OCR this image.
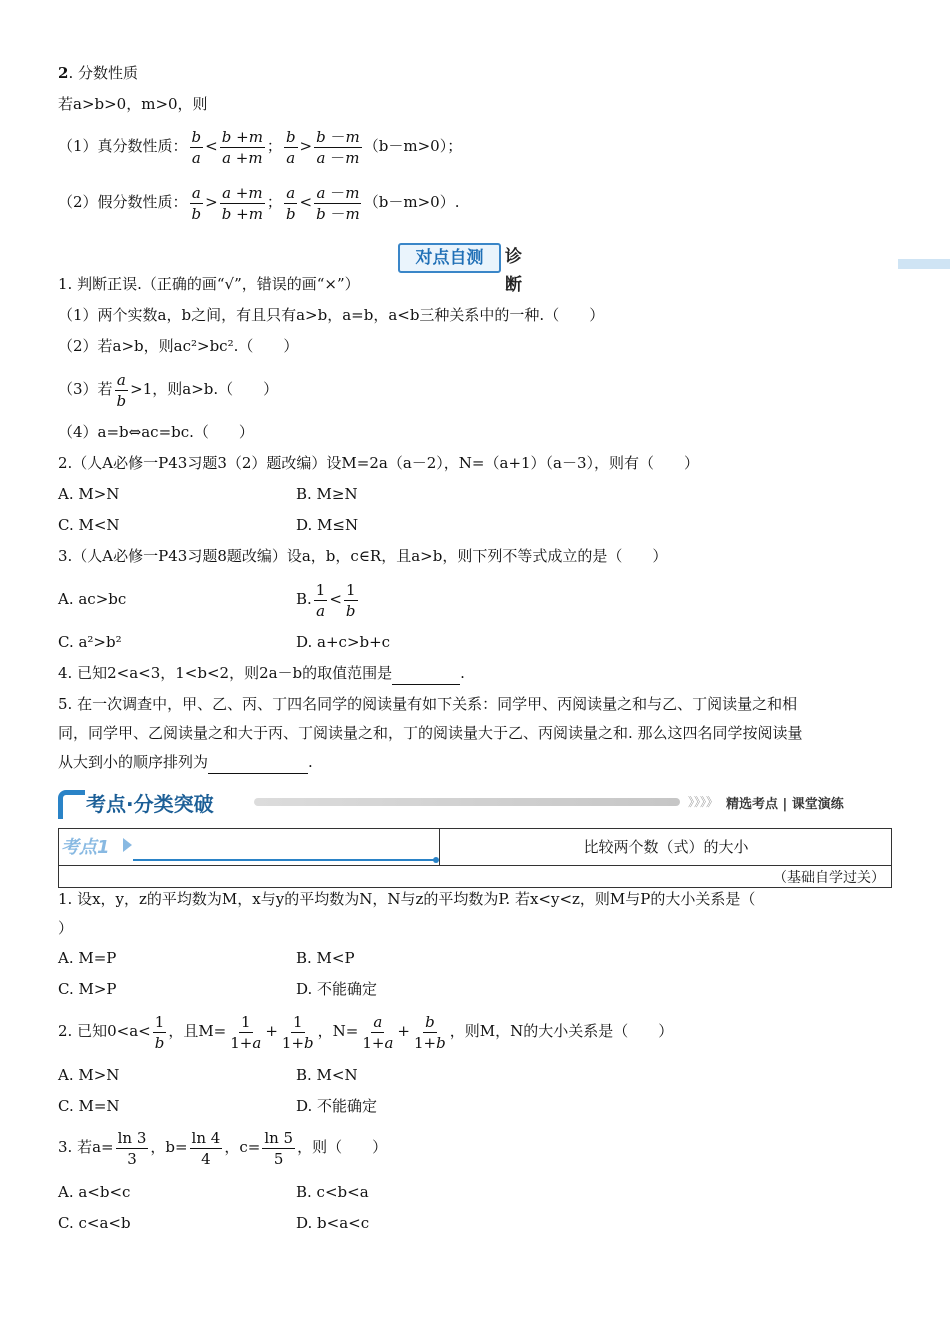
2. 分数性质
若a>b>0，m>0，则
（1）真分数性质： $\frac{b}{a} < \frac{b +m}{a +m}$ ； $\frac{b}{a} > \frac{b -m}{a -m} (b-m>0)$；
（2）假分数性质： $\frac{a}{b} > \frac{a +m}{b +m}$ ； $\frac{a}{b} < \frac{a -m}{b -m} (b-m>0)$.
对点自测	诊断
1. 判断正误.（正确的画“√”，错误的画“×”）
（1）两个实数a，b之间，有且只有a>b，a=b，a<b三种关系中的一种.（　　）
（2）若a>b，则ac²>bc².（　　）
（3）若 $\frac{a}{b} >1$，则a>b.（　　）
（4）a=b⇔ac=bc.（　　）
2.（人A必修一P43习题3（2）题改编）设M=2a（a－2），N=（a+1）（a－3），则有（　　）
A. M>N	B. M≥N
C. M<N	D. M≤N
3.（人A必修一P43习题8题改编）设a，b，c∈R，且a>b，则下列不等式成立的是（　　）
A. ac>bc	B. $\frac{1}{a} < \frac{1}{b}$
C. a²>b²	D. a+c>b+c
4. 已知2<a<3，1<b<2，则2a－b的取值范围是	.
5. 在一次调查中，甲、乙、丙、丁四名同学的阅读量有如下关系：同学甲、丙阅读量之和与乙、丁阅读量之和相
同，同学甲、乙阅读量之和大于丙、丁阅读量之和，丁的阅读量大于乙、丙阅读量之和. 那么这四名同学按阅读量
从大到小的顺序排列为	.
考点·分类突破	》》》》 精选考点 | 课堂演练
考点1	比较两个数（式）的大小
（基础自学过关）
1. 设x，y，z的平均数为M，x与y的平均数为N，N与z的平均数为P. 若x<y<z，则M与P的大小关系是（
）
A. M=P	B. M<P
C. M>P	D. 不能确定
2. 已知$0<a< \frac{1}{b}$ ，且$M= \frac{1}{1+a} + \frac{1}{1+b}$ ，$N= \frac{a}{1+a} + \frac{b}{1+b}$ ，则M，N的大小关系是（　　）
A. M>N	B. M<N
C. M=N	D. 不能确定
3. 若$a= \frac{\ln 3}{3}$ ，$b= \frac{\ln 4}{4}$ ，$c= \frac{\ln 5}{5}$ ，则（　　）
A. a<b<c	B. c<b<a
C. c<a<b	D. b<a<c
